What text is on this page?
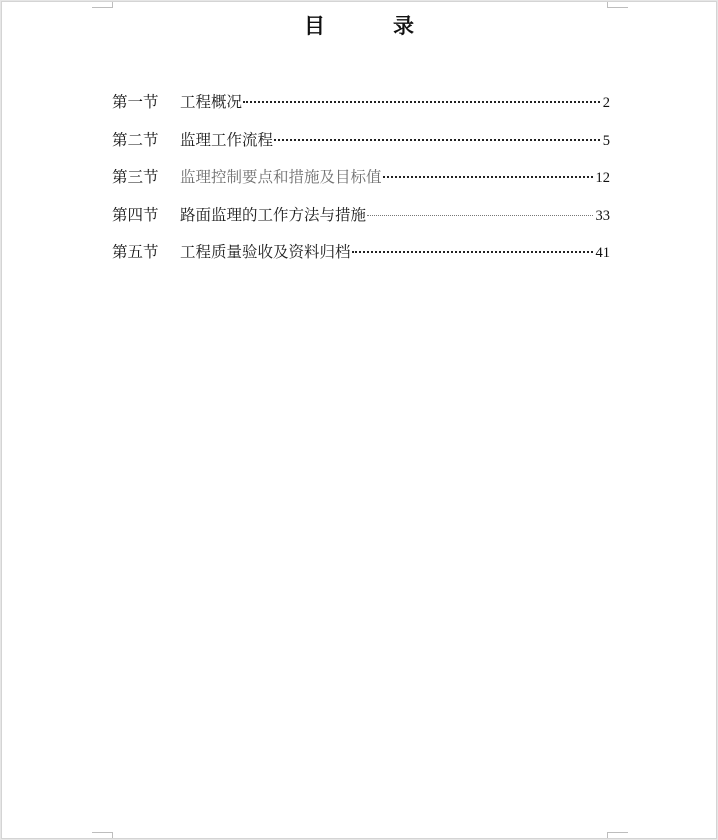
目	录
第一节	工程概况	2
第二节	监理工作流程	5
第三节	监理控制要点和措施及目标值	12
第四节	路面监理的工作方法与措施	33
第五节	工程质量验收及资料归档	41
